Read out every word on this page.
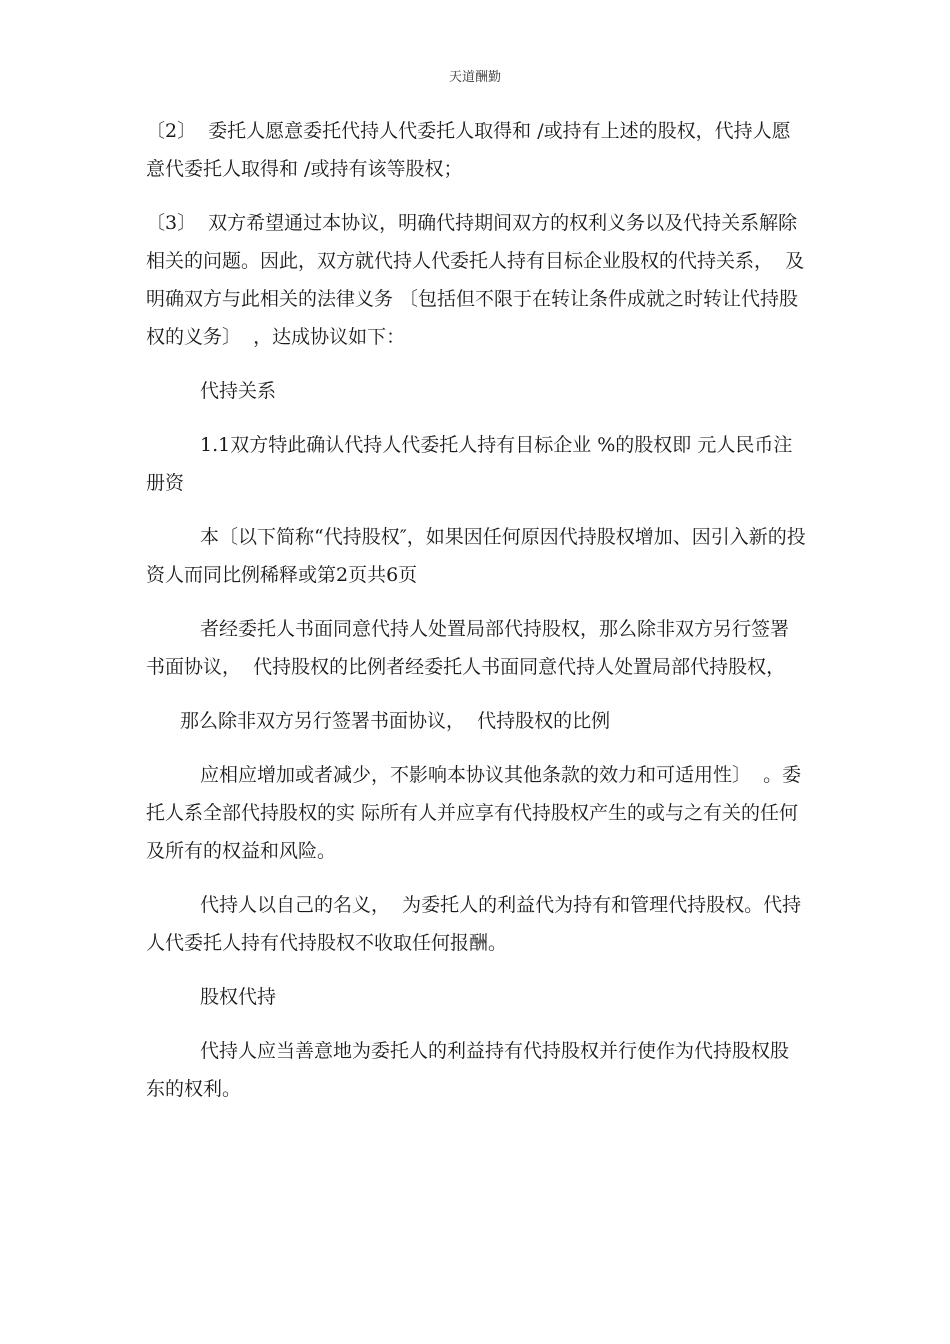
天道酬勤

〔2〕  委托人愿意委托代持人代委托人取得和 /或持有上述的股权，代持人愿意代委托人取得和 /或持有该等股权；

〔3〕  双方希望通过本协议，明确代持期间双方的权利义务以及代持关系解除相关的问题。因此，双方就代持人代委托人持有目标企业股权的代持关系，  及明确双方与此相关的法律义务 〔包括但不限于在转让条件成就之时转让代持股权的义务〕  ，达成协议如下：

代持关系

1.1双方特此确认代持人代委托人持有目标企业 %的股权即 元人民币注册资

本〔以下简称“代持股权″，如果因任何原因代持股权增加、因引入新的投资人而同比例稀释或第2页共6页

者经委托人书面同意代持人处置局部代持股权，那么除非双方另行签署书面协议，  代持股权的比例者经委托人书面同意代持人处置局部代持股权，

那么除非双方另行签署书面协议，  代持股权的比例

应相应增加或者减少，不影响本协议其他条款的效力和可适用性〕  。委托人系全部代持股权的实 际所有人并应享有代持股权产生的或与之有关的任何及所有的权益和风险。

代持人以自己的名义，  为委托人的利益代为持有和管理代持股权。代持人代委托人持有代持股权不收取任何报酬。

股权代持

代持人应当善意地为委托人的利益持有代持股权并行使作为代持股权股东的权利。
